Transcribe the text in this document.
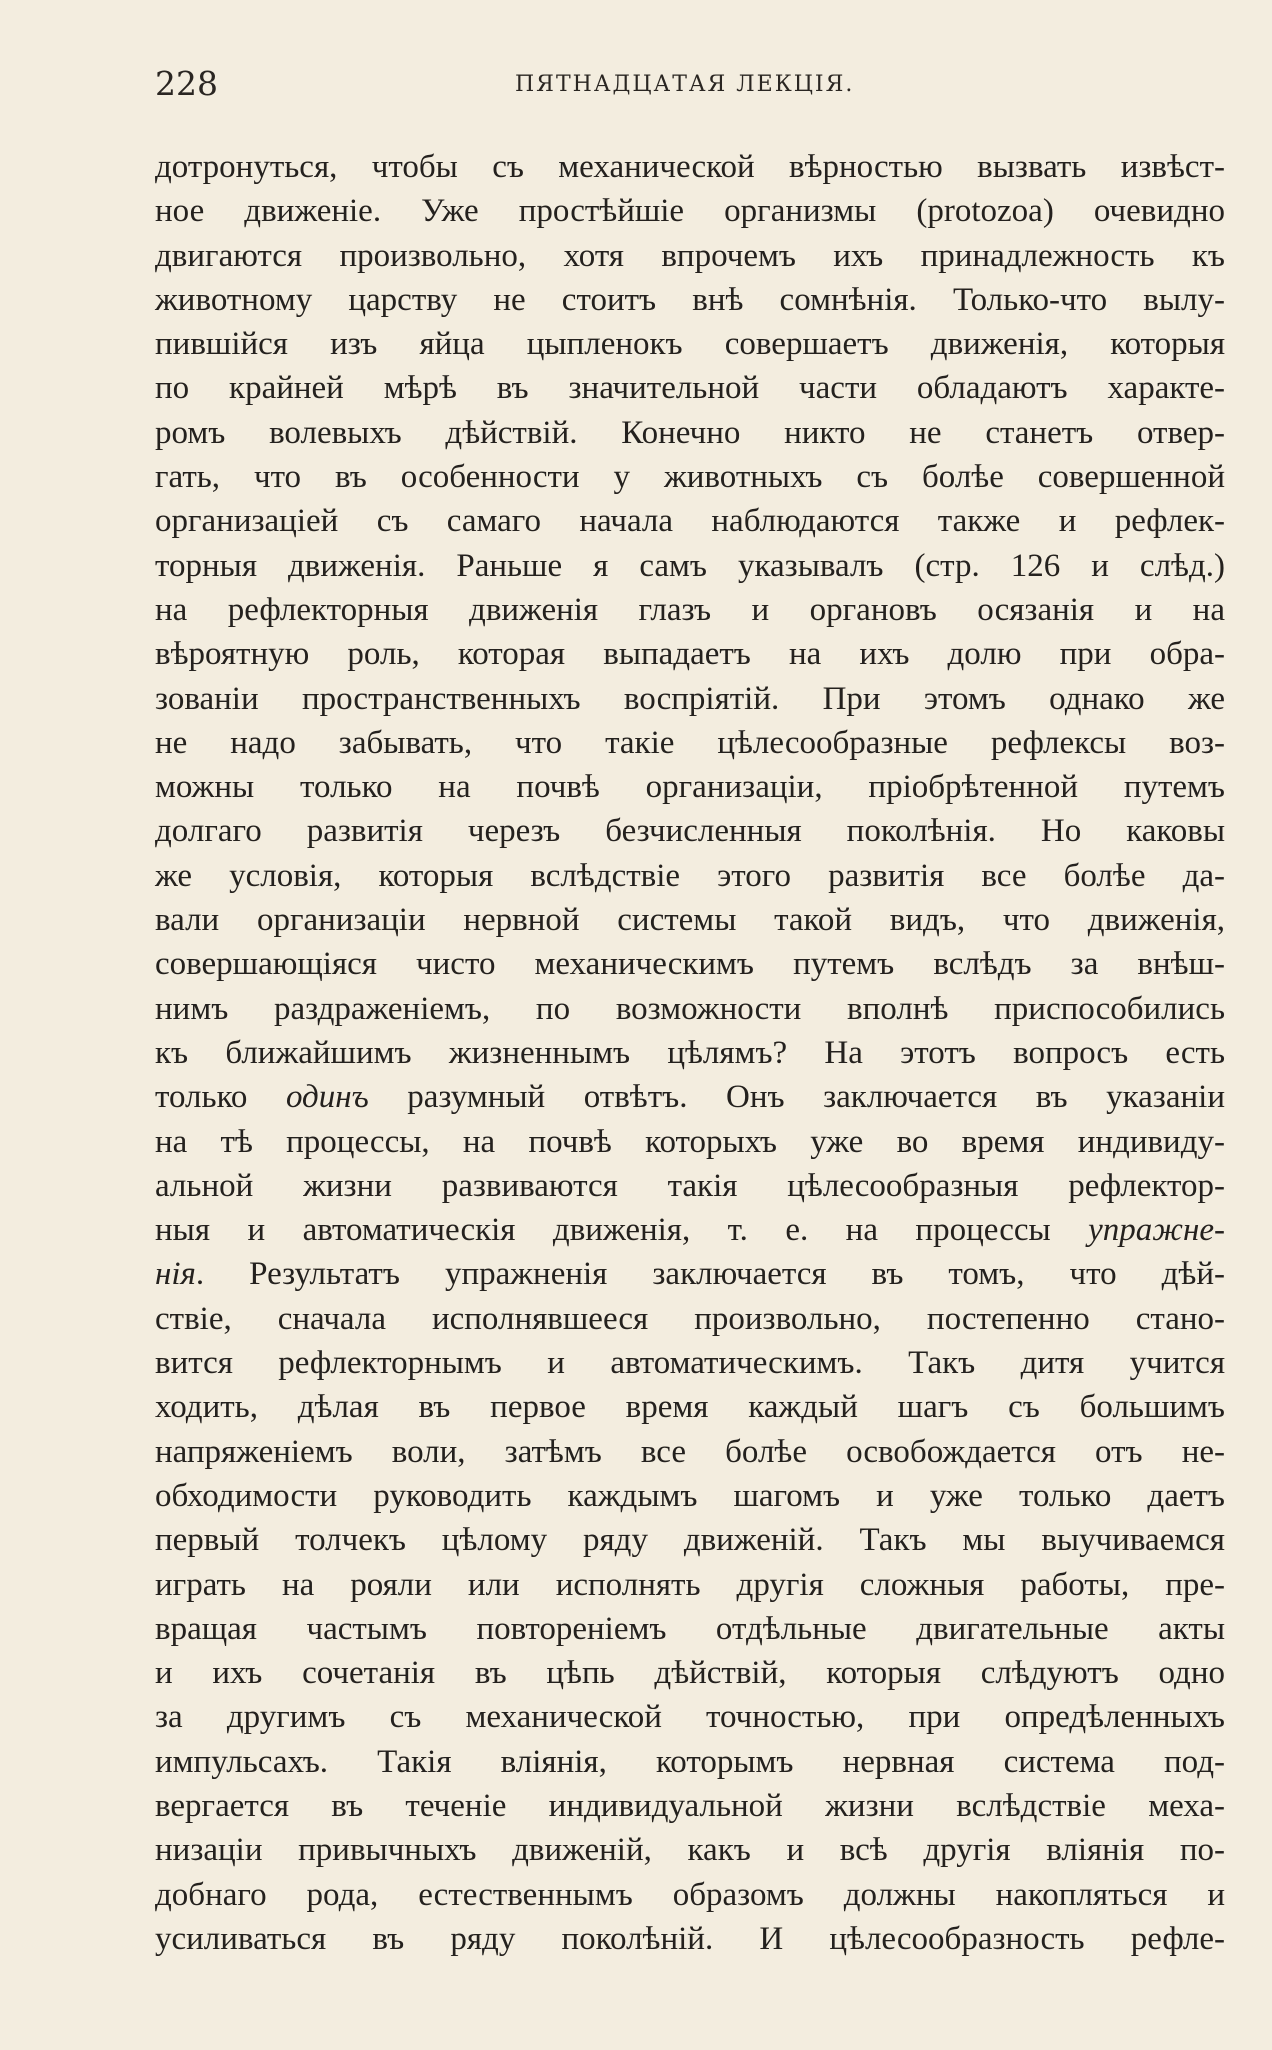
228	ПЯТНАДЦАТАЯ ЛЕКЦІЯ.
дотронуться, чтобы съ механической вѣрностью вызвать извѣст-
ное движеніе. Уже простѣйшіе организмы (protozoa) очевидно
двигаются произвольно, хотя впрочемъ ихъ принадлежность къ
животному царству не стоитъ внѣ сомнѣнія. Только-что вылу-
пившійся изъ яйца цыпленокъ совершаетъ движенія, которыя
по крайней мѣрѣ въ значительной части обладаютъ характе-
ромъ волевыхъ дѣйствій. Конечно никто не станетъ отвер-
гать, что въ особенности у животныхъ съ болѣе совершенной
организаціей съ самаго начала наблюдаются также и рефлек-
торныя движенія. Раньше я самъ указывалъ (стр. 126 и слѣд.)
на рефлекторныя движенія глазъ и органовъ осязанія и на
вѣроятную роль, которая выпадаетъ на ихъ долю при обра-
зованіи пространственныхъ воспріятій. При этомъ однако же
не надо забывать, что такіе цѣлесообразные рефлексы воз-
можны только на почвѣ организаціи, пріобрѣтенной путемъ
долгаго развитія черезъ безчисленныя поколѣнія. Но каковы
же условія, которыя вслѣдствіе этого развитія все болѣе да-
вали организаціи нервной системы такой видъ, что движенія,
совершающіяся чисто механическимъ путемъ вслѣдъ за внѣш-
нимъ раздраженіемъ, по возможности вполнѣ приспособились
къ ближайшимъ жизненнымъ цѣлямъ? На этотъ вопросъ есть
только одинъ разумный отвѣтъ. Онъ заключается въ указаніи
на тѣ процессы, на почвѣ которыхъ уже во время индивиду-
альной жизни развиваются такія цѣлесообразныя рефлектор-
ныя и автоматическія движенія, т. е. на процессы упражне-
нія. Результатъ упражненія заключается въ томъ, что дѣй-
ствіе, сначала исполнявшееся произвольно, постепенно стано-
вится рефлекторнымъ и автоматическимъ. Такъ дитя учится
ходить, дѣлая въ первое время каждый шагъ съ большимъ
напряженіемъ воли, затѣмъ все болѣе освобождается отъ не-
обходимости руководить каждымъ шагомъ и уже только даетъ
первый толчекъ цѣлому ряду движеній. Такъ мы выучиваемся
играть на рояли или исполнять другія сложныя работы, пре-
вращая частымъ повтореніемъ отдѣльные двигательные акты
и ихъ сочетанія въ цѣпь дѣйствій, которыя слѣдуютъ одно
за другимъ съ механической точностью, при опредѣленныхъ
импульсахъ. Такія вліянія, которымъ нервная система под-
вергается въ теченіе индивидуальной жизни вслѣдствіе меха-
низаціи привычныхъ движеній, какъ и всѣ другія вліянія по-
добнаго рода, естественнымъ образомъ должны накопляться и
усиливаться въ ряду поколѣній. И цѣлесообразность рефле-
